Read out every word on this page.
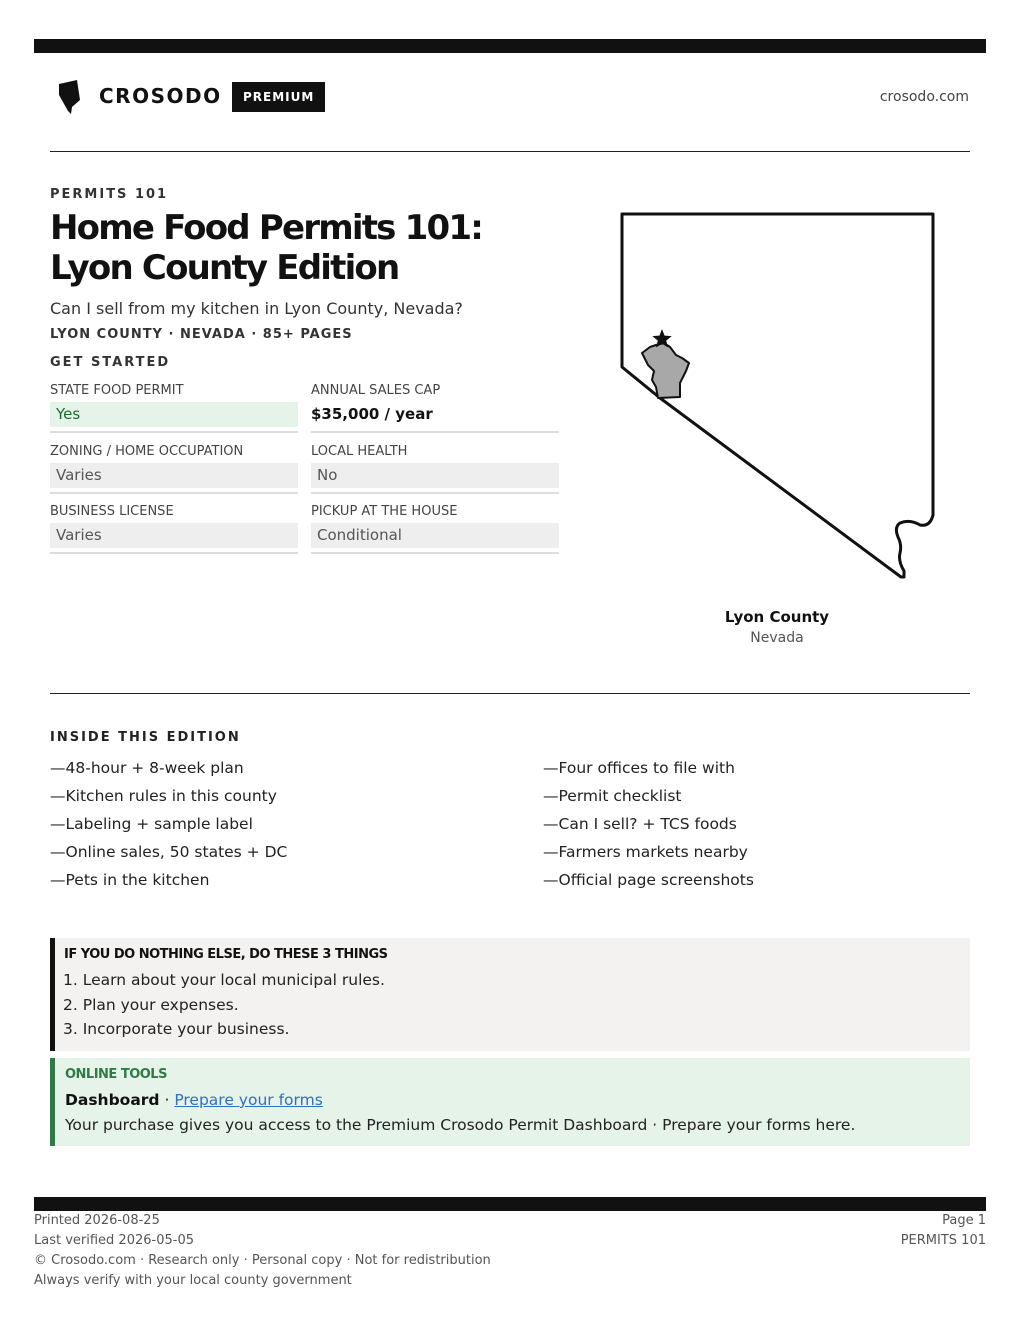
CROSODO	PREMIUM	crosodo.com
PERMITS 101
Home Food Permits 101: Lyon County Edition
Can I sell from my kitchen in Lyon County, Nevada?
LYON COUNTY · NEVADA · 85+ PAGES
GET STARTED
STATE FOOD PERMIT
Yes
ANNUAL SALES CAP
$35,000 / year
ZONING / HOME OCCUPATION
Varies
LOCAL HEALTH
No
BUSINESS LICENSE
Varies
PICKUP AT THE HOUSE
Conditional
Lyon County
Nevada
INSIDE THIS EDITION
—48-hour + 8-week plan
—Kitchen rules in this county
—Labeling + sample label
—Online sales, 50 states + DC
—Pets in the kitchen
—Four offices to file with
—Permit checklist
—Can I sell? + TCS foods
—Farmers markets nearby
—Official page screenshots
IF YOU DO NOTHING ELSE, DO THESE 3 THINGS
1. Learn about your local municipal rules.
2. Plan your expenses.
3. Incorporate your business.
ONLINE TOOLS
Dashboard · Prepare your forms
Your purchase gives you access to the Premium Crosodo Permit Dashboard · Prepare your forms here.
Printed 2026-08-25
Last verified 2026-05-05
© Crosodo.com · Research only · Personal copy · Not for redistribution
Always verify with your local county government
Page 1
PERMITS 101
